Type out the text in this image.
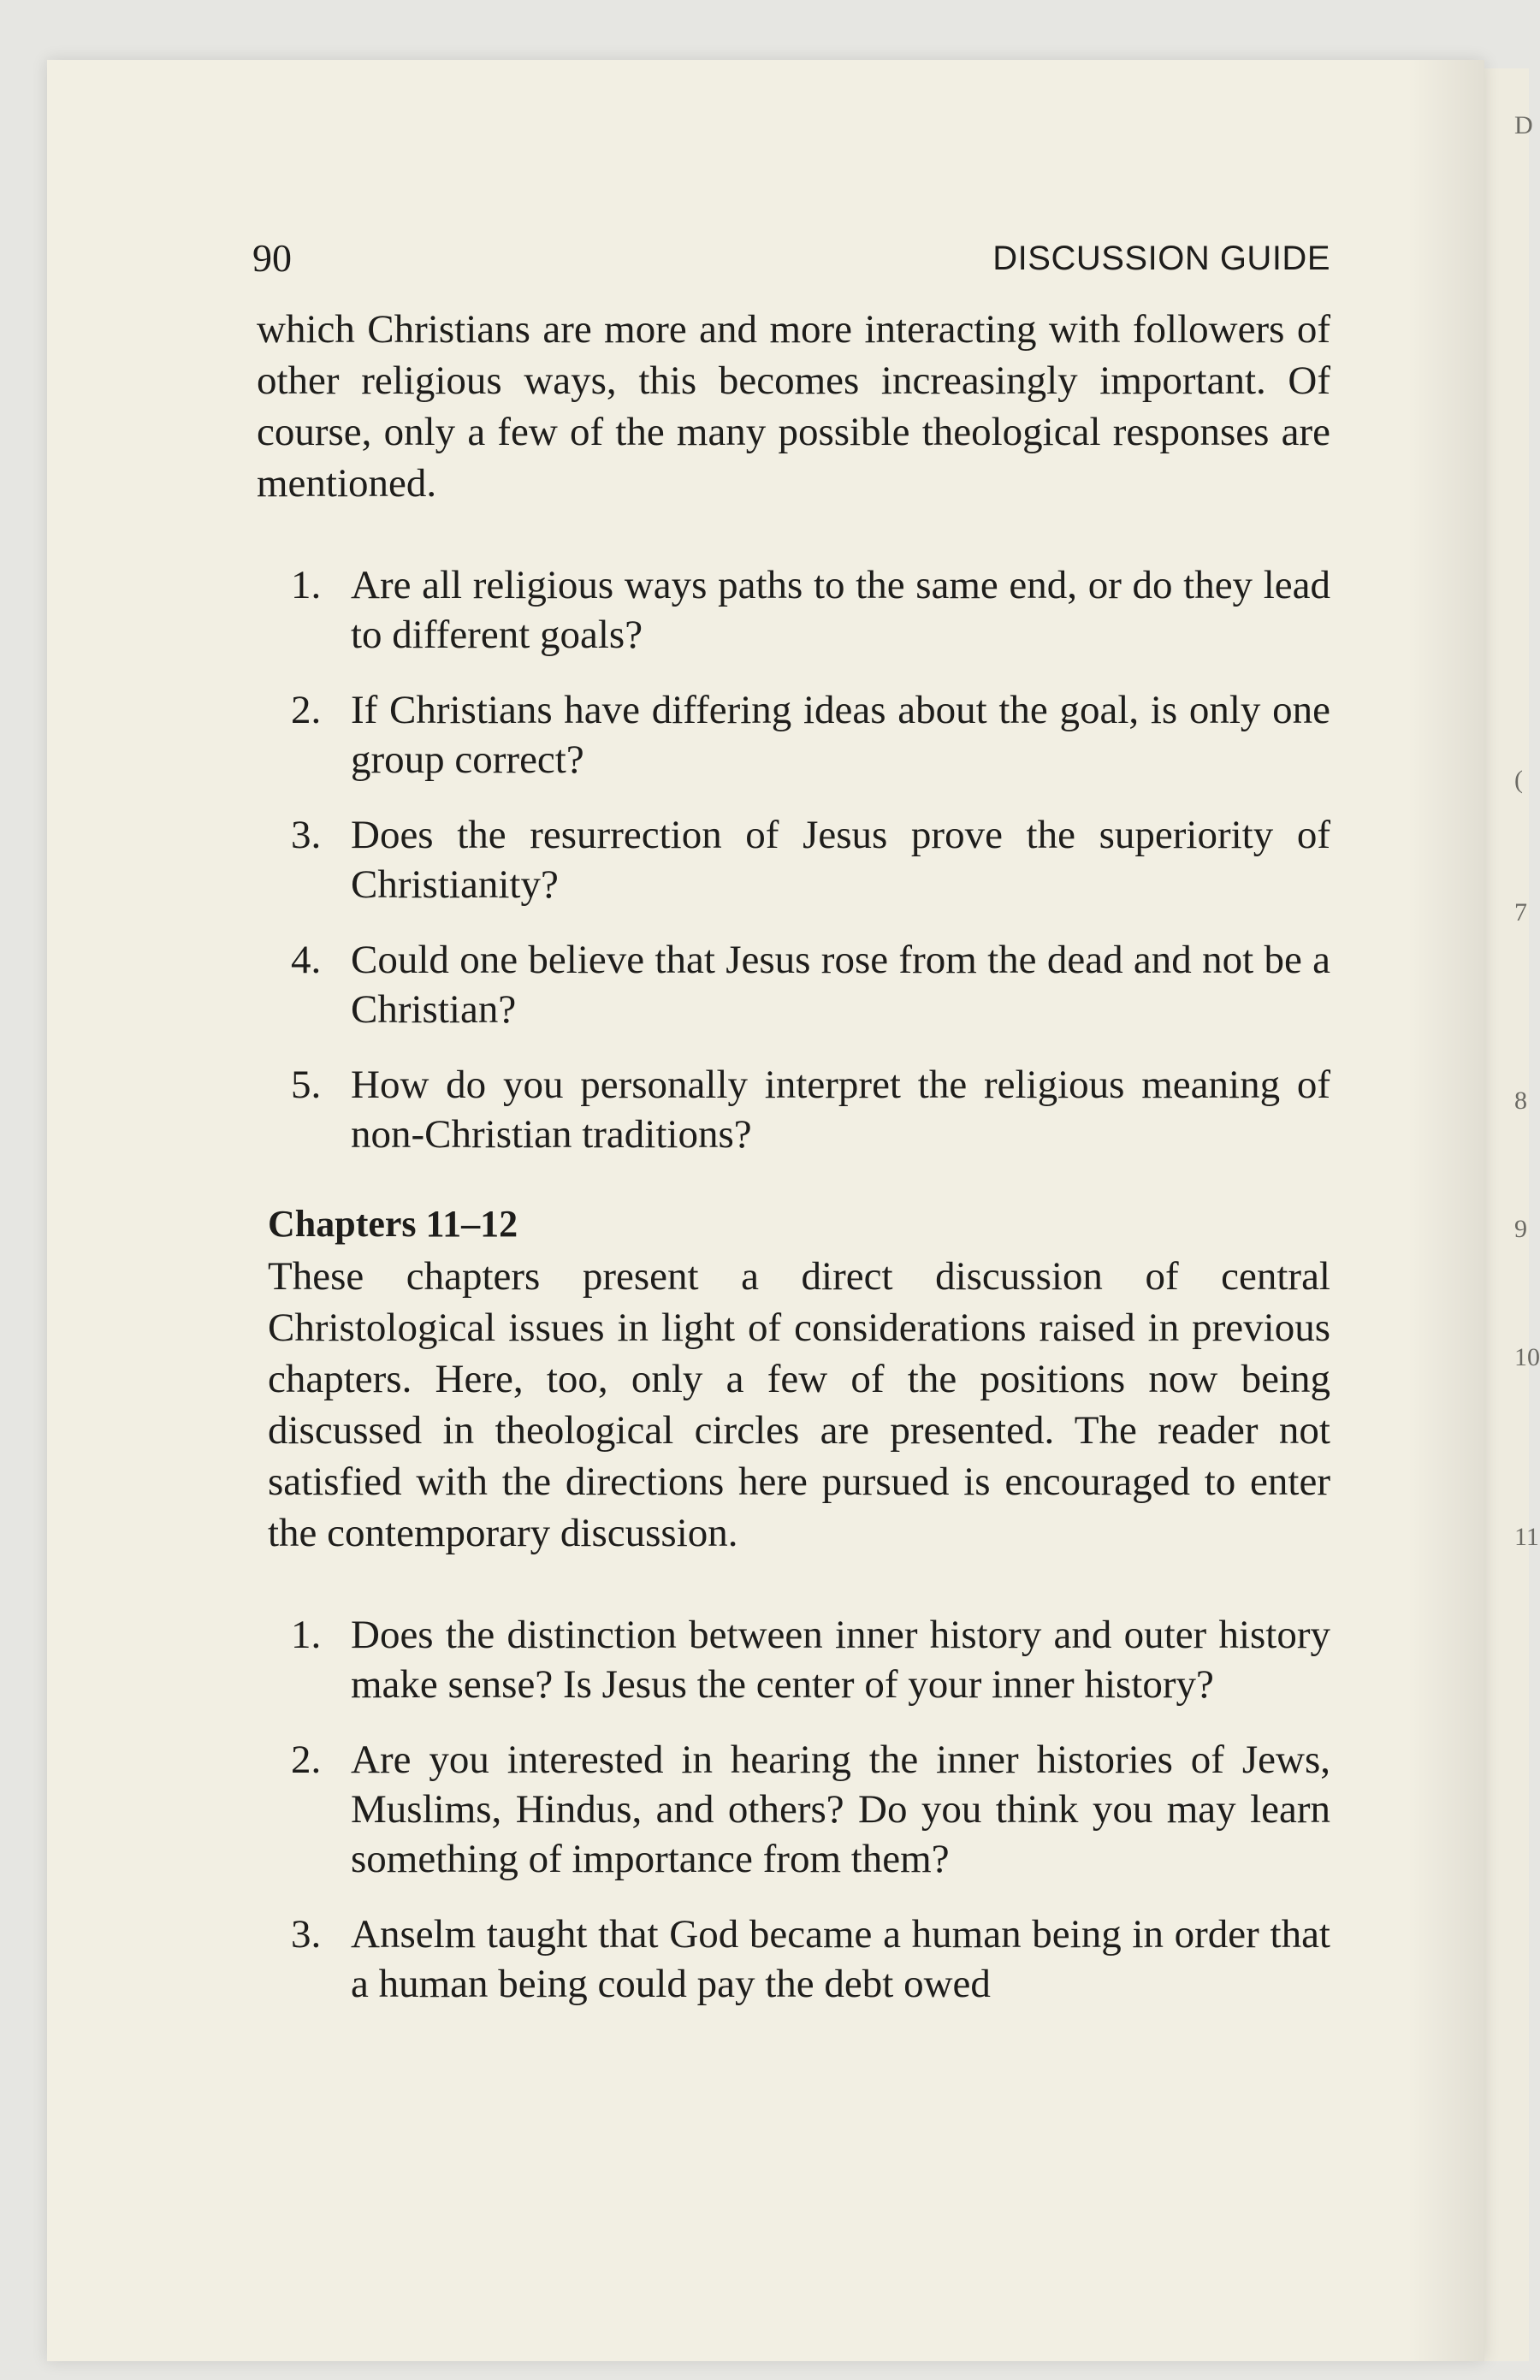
D
(
7
8
9
10
11
90	DISCUSSION GUIDE

which Christians are more and more interacting with followers of other religious ways, this becomes increasingly important. Of course, only a few of the many possible theological responses are mentioned.

1. Are all religious ways paths to the same end, or do they lead to different goals?
2. If Christians have differing ideas about the goal, is only one group correct?
3. Does the resurrection of Jesus prove the superiority of Christianity?
4. Could one believe that Jesus rose from the dead and not be a Christian?
5. How do you personally interpret the religious meaning of non-Christian traditions?
Chapters 11–12

These chapters present a direct discussion of central Christological issues in light of considerations raised in previous chapters. Here, too, only a few of the positions now being discussed in theological circles are presented. The reader not satisfied with the directions here pursued is encouraged to enter the contemporary discussion.

1. Does the distinction between inner history and outer history make sense? Is Jesus the center of your inner history?
2. Are you interested in hearing the inner histories of Jews, Muslims, Hindus, and others? Do you think you may learn something of importance from them?
3. Anselm taught that God became a human being in order that a human being could pay the debt owed
